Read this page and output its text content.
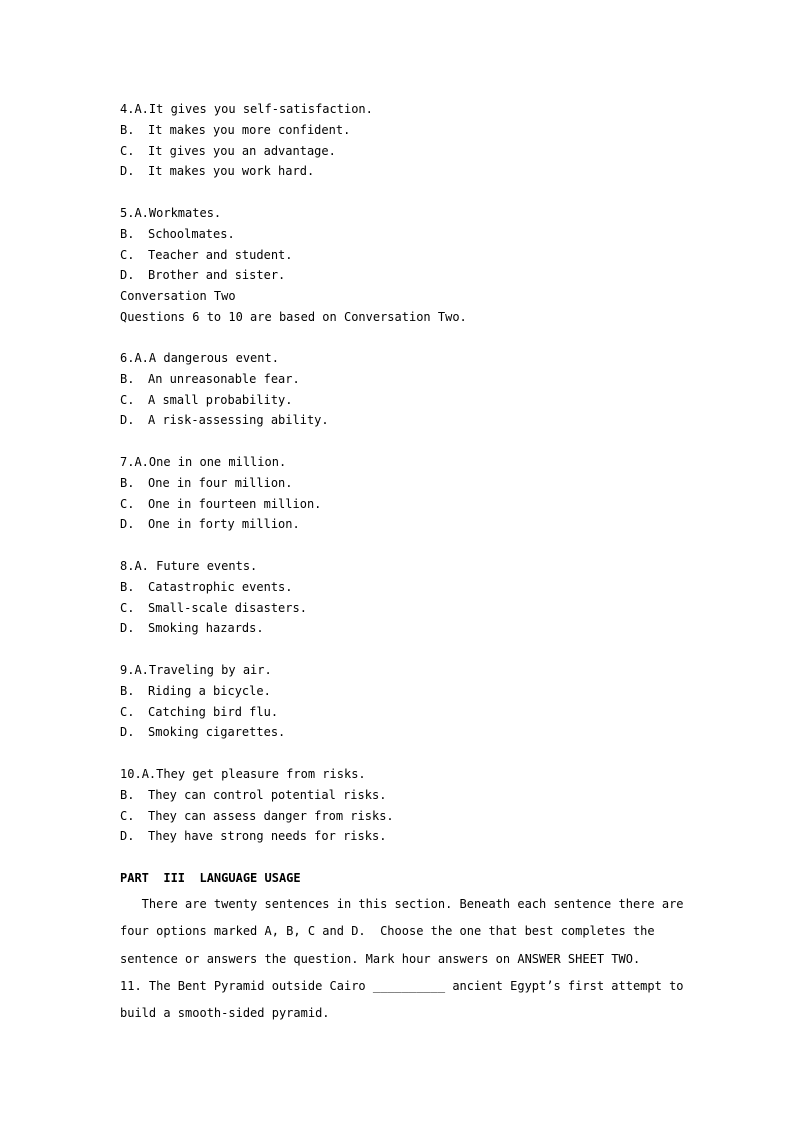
4.A.It gives you self-satisfaction.
B.	It makes you more confident.
C.	It gives you an advantage.
D.	It makes you work hard.
5.A.Workmates.
B.	Schoolmates.
C.	Teacher and student.
D.	Brother and sister.
Conversation Two
Questions 6 to 10 are based on Conversation Two.
6.A.A dangerous event.
B.	An unreasonable fear.
C.	A small probability.
D.	A risk-assessing ability.
7.A.One in one million.
B.	One in four million.
C.	One in fourteen million.
D.	One in forty million.
8.A. Future events.
B.	Catastrophic events.
C.	Small-scale disasters.
D.	Smoking hazards.
9.A.Traveling by air.
B.	Riding a bicycle.
C.	Catching bird flu.
D.	Smoking cigarettes.
10.A.They get pleasure from risks.
B.	They can control potential risks.
C.	They can assess danger from risks.
D.	They have strong needs for risks.
PART  III  LANGUAGE USAGE
There are twenty sentences in this section. Beneath each sentence there are
four options marked A, B, C and D.  Choose the one that best completes the
sentence or answers the question. Mark hour answers on ANSWER SHEET TWO.
11. The Bent Pyramid outside Cairo __________ ancient Egypt’s first attempt to
build a smooth-sided pyramid.
